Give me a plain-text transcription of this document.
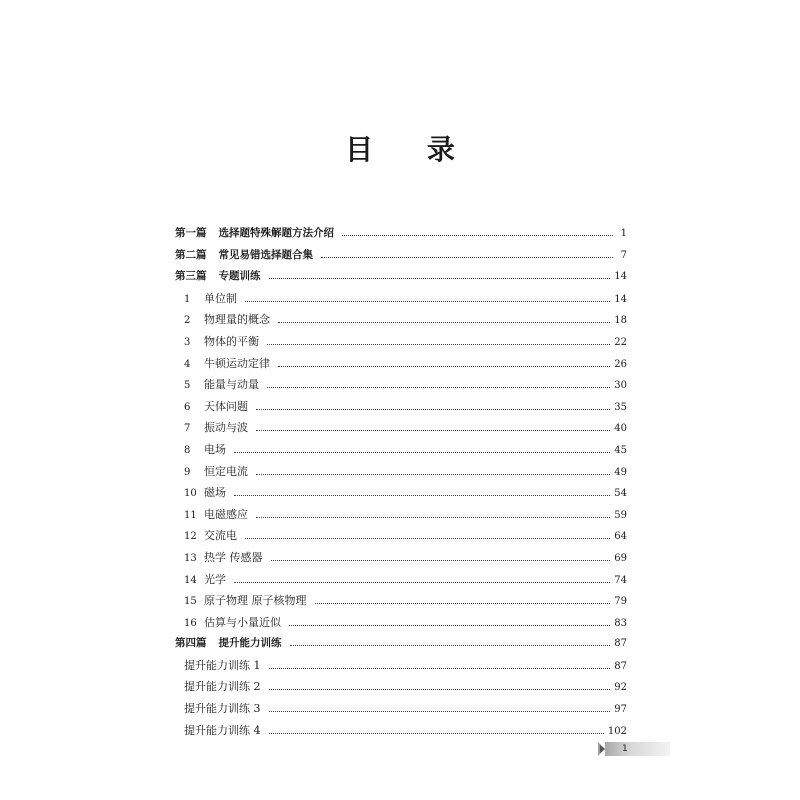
目 录
第一篇 选择题特殊解题方法介绍	1
第二篇 常见易错选择题合集	7
第三篇 专题训练	14
1 单位制	14
2 物理量的概念	18
3 物体的平衡	22
4 牛顿运动定律	26
5 能量与动量	30
6 天体问题	35
7 振动与波	40
8 电场	45
9 恒定电流	49
10 磁场	54
11 电磁感应	59
12 交流电	64
13 热学 传感器	69
14 光学	74
15 原子物理 原子核物理	79
16 估算与小量近似	83
第四篇 提升能力训练	87
提升能力训练 1	87
提升能力训练 2	92
提升能力训练 3	97
提升能力训练 4	102
1
